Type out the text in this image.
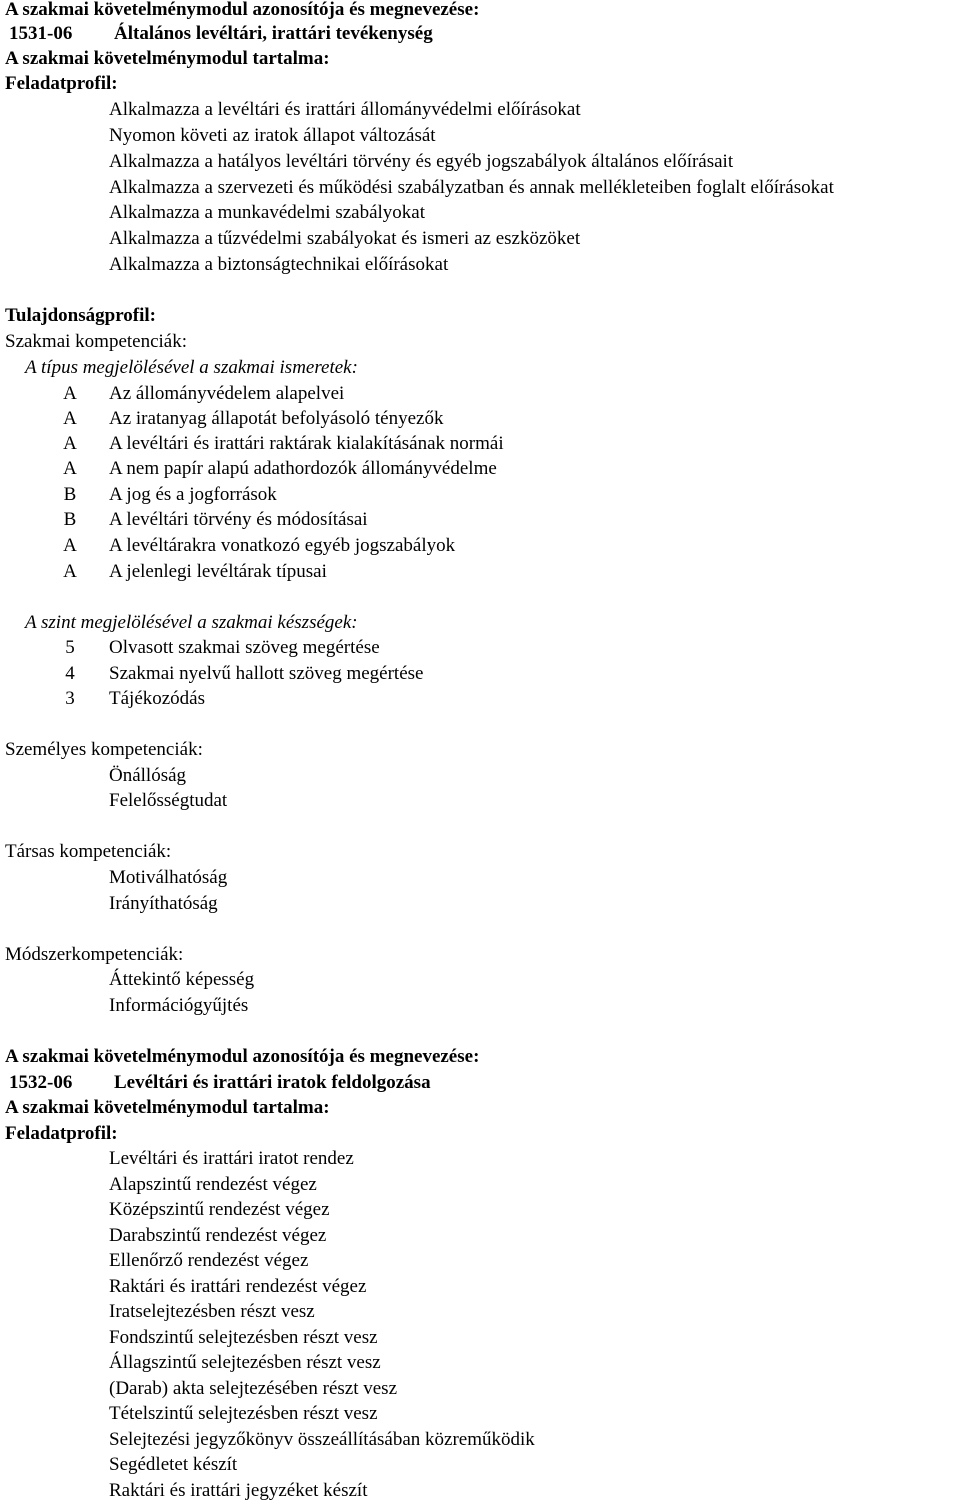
A szakmai követelménymodul azonosítója és megnevezése:
1531-06 Általános levéltári, irattári tevékenység
A szakmai követelménymodul tartalma:
Feladatprofil:
Alkalmazza a levéltári és irattári állományvédelmi előírásokat
Nyomon követi az iratok állapot változását
Alkalmazza a hatályos levéltári törvény és egyéb jogszabályok általános előírásait
Alkalmazza a szervezeti és működési szabályzatban és annak mellékleteiben foglalt előírásokat
Alkalmazza a munkavédelmi szabályokat
Alkalmazza a tűzvédelmi szabályokat és ismeri az eszközöket
Alkalmazza a biztonságtechnikai előírásokat
Tulajdonságprofil:
Szakmai kompetenciák:
A típus megjelölésével a szakmai ismeretek:
A Az állományvédelem alapelvei
A Az iratanyag állapotát befolyásoló tényezők
A A levéltári és irattári raktárak kialakításának normái
A A nem papír alapú adathordozók állományvédelme
B A jog és a jogforrások
B A levéltári törvény és módosításai
A A levéltárakra vonatkozó egyéb jogszabályok
A A jelenlegi levéltárak típusai
A szint megjelölésével a szakmai készségek:
5 Olvasott szakmai szöveg megértése
4 Szakmai nyelvű hallott szöveg megértése
3 Tájékozódás
Személyes kompetenciák:
Önállóság
Felelősségtudat
Társas kompetenciák:
Motiválhatóság
Irányíthatóság
Módszerkompetenciák:
Áttekintő képesség
Információgyűjtés
A szakmai követelménymodul azonosítója és megnevezése:
1532-06 Levéltári és irattári iratok feldolgozása
A szakmai követelménymodul tartalma:
Feladatprofil:
Levéltári és irattári iratot rendez
Alapszintű rendezést végez
Középszintű rendezést végez
Darabszintű rendezést végez
Ellenőrző rendezést végez
Raktári és irattári rendezést végez
Iratselejtezésben részt vesz
Fondszintű selejtezésben részt vesz
Állagszintű selejtezésben részt vesz
(Darab) akta selejtezésében részt vesz
Tételszintű selejtezésben részt vesz
Selejtezési jegyzőkönyv összeállításában közreműködik
Segédletet készít
Raktári és irattári jegyzéket készít
